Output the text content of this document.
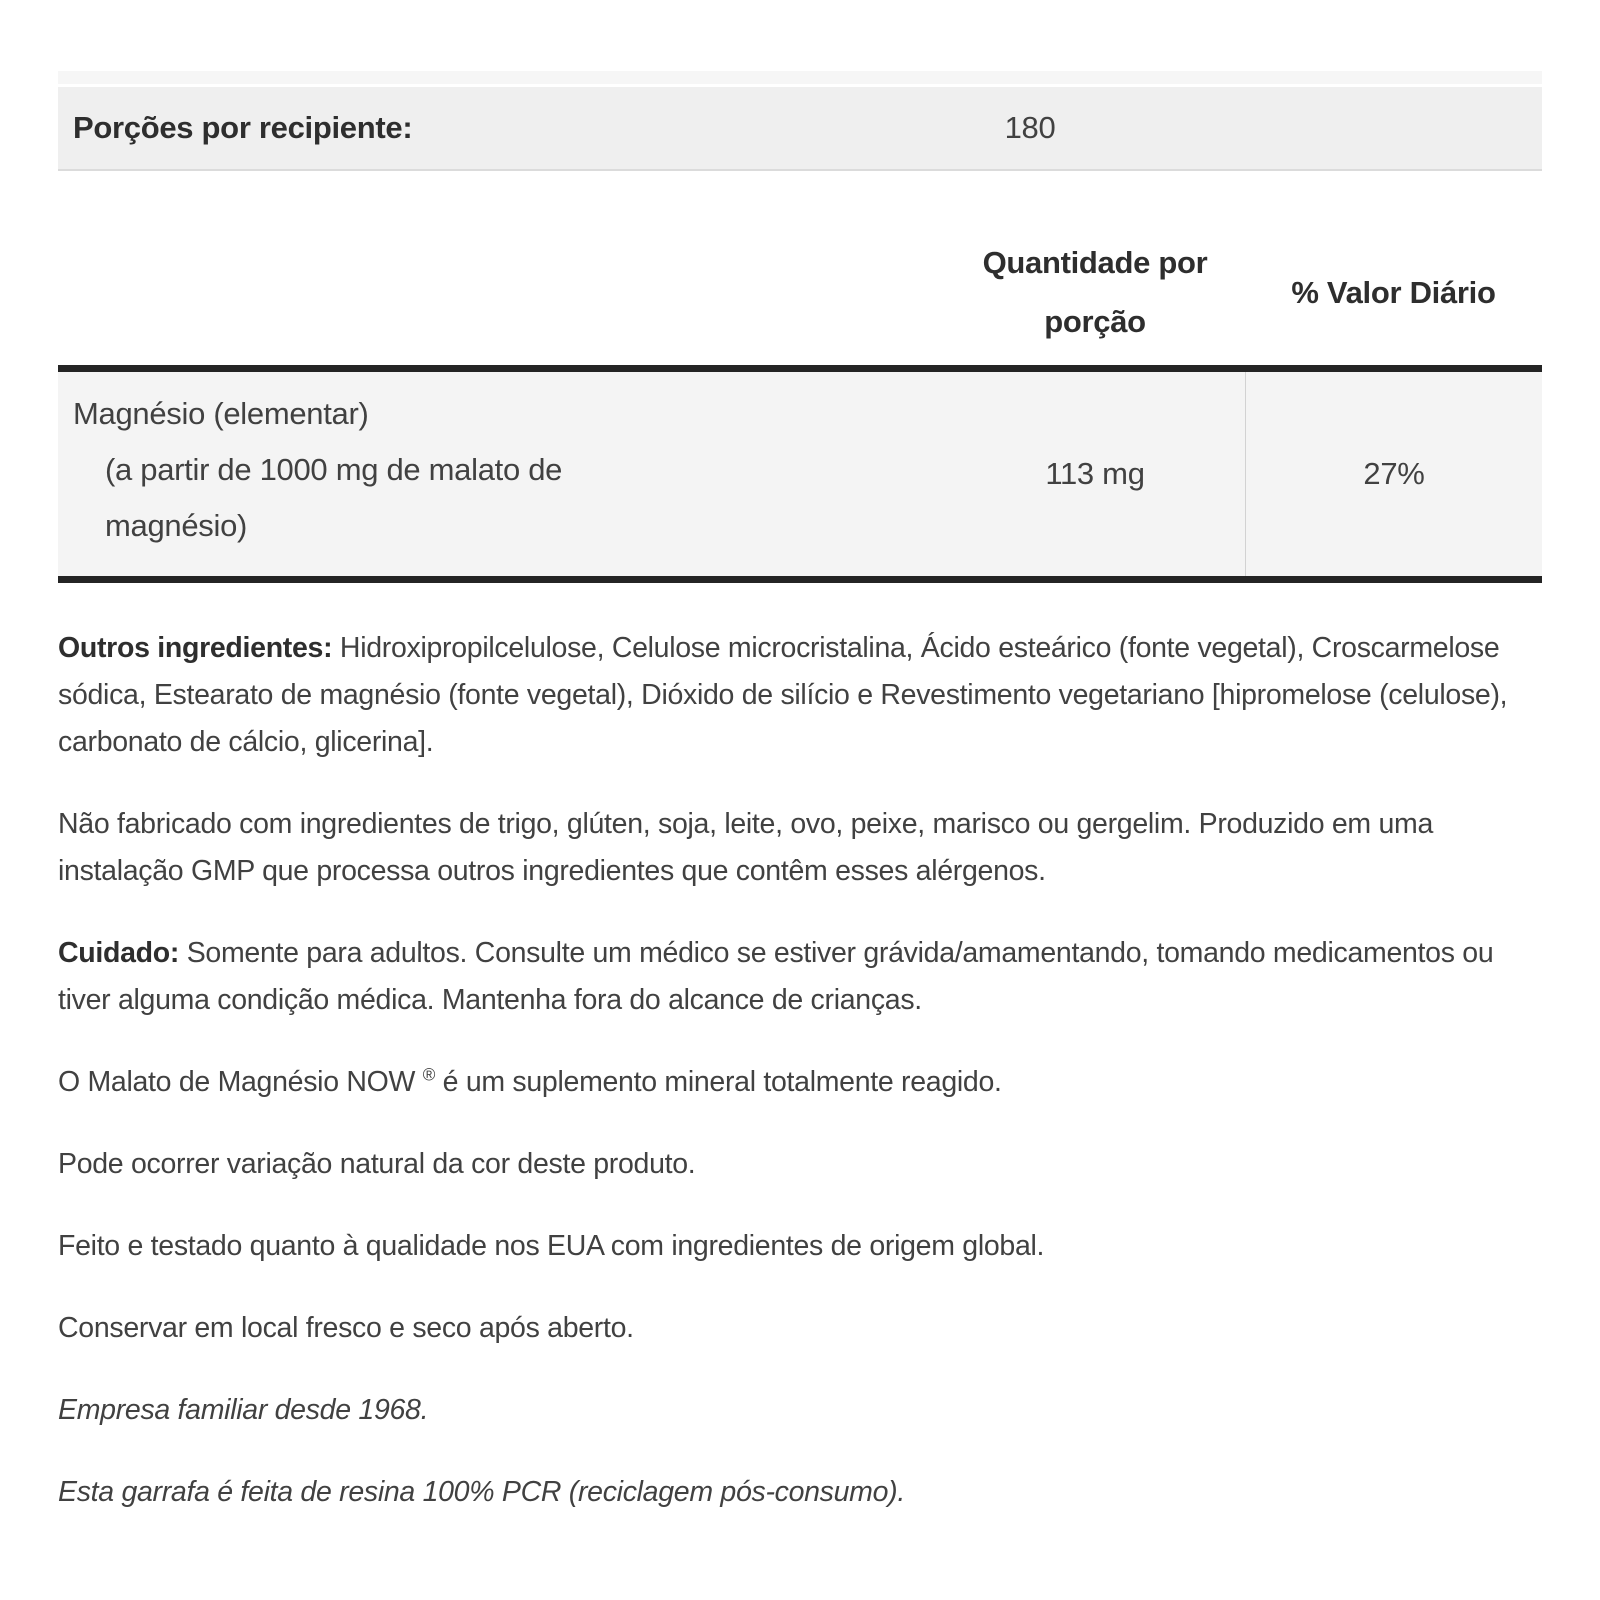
Porções por recipiente:	180
Quantidade por porção
% Valor Diário
Magnésio (elementar)
(a partir de 1000 mg de malato de magnésio)
113 mg	27%

Outros ingredientes: Hidroxipropilcelulose, Celulose microcristalina, Ácido esteárico (fonte vegetal), Croscarmelose sódica, Estearato de magnésio (fonte vegetal), Dióxido de silício e Revestimento vegetariano [hipromelose (celulose), carbonato de cálcio, glicerina].

Não fabricado com ingredientes de trigo, glúten, soja, leite, ovo, peixe, marisco ou gergelim. Produzido em uma instalação GMP que processa outros ingredientes que contêm esses alérgenos.

Cuidado: Somente para adultos. Consulte um médico se estiver grávida/amamentando, tomando medicamentos ou tiver alguma condição médica. Mantenha fora do alcance de crianças.

O Malato de Magnésio NOW ® é um suplemento mineral totalmente reagido.

Pode ocorrer variação natural da cor deste produto.

Feito e testado quanto à qualidade nos EUA com ingredientes de origem global.

Conservar em local fresco e seco após aberto.

Empresa familiar desde 1968.

Esta garrafa é feita de resina 100% PCR (reciclagem pós-consumo).
